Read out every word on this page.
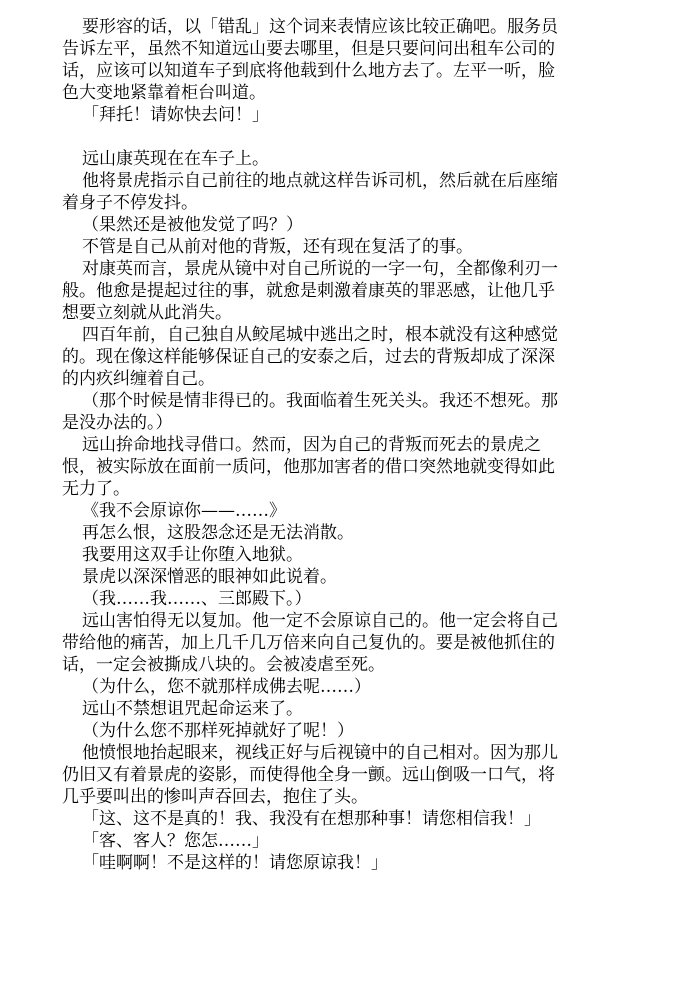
要形容的话，以「错乱」这个词来表情应该比较正确吧。服务员
告诉左平，虽然不知道远山要去哪里，但是只要问问出租车公司的
话，应该可以知道车子到底将他载到什么地方去了。左平一听，脸
色大变地紧靠着柜台叫道。
「拜托！请妳快去问！」
远山康英现在在车子上。
他将景虎指示自己前往的地点就这样告诉司机，然后就在后座缩
着身子不停发抖。
（果然还是被他发觉了吗？）
不管是自己从前对他的背叛，还有现在复活了的事。
对康英而言，景虎从镜中对自己所说的一字一句，全都像利刃一
般。他愈是提起过往的事，就愈是刺激着康英的罪恶感，让他几乎
想要立刻就从此消失。
四百年前，自己独自从鲛尾城中逃出之时，根本就没有这种感觉
的。现在像这样能够保证自己的安泰之后，过去的背叛却成了深深
的内疚纠缠着自己。
（那个时候是情非得已的。我面临着生死关头。我还不想死。那
是没办法的。）
远山拚命地找寻借口。然而，因为自己的背叛而死去的景虎之
恨，被实际放在面前一质问，他那加害者的借口突然地就变得如此
无力了。
《我不会原谅你——……》
再怎么恨，这股怨念还是无法消散。
我要用这双手让你堕入地狱。
景虎以深深憎恶的眼神如此说着。
（我……我……、三郎殿下。）
远山害怕得无以复加。他一定不会原谅自己的。他一定会将自己
带给他的痛苦，加上几千几万倍来向自己复仇的。要是被他抓住的
话，一定会被撕成八块的。会被凌虐至死。
（为什么，您不就那样成佛去呢……）
远山不禁想诅咒起命运来了。
（为什么您不那样死掉就好了呢！）
他愤恨地抬起眼来，视线正好与后视镜中的自己相对。因为那儿
仍旧又有着景虎的姿影，而使得他全身一颤。远山倒吸一口气，将
几乎要叫出的惨叫声吞回去，抱住了头。
「这、这不是真的！我、我没有在想那种事！请您相信我！」
「客、客人？您怎……」
「哇啊啊！不是这样的！请您原谅我！」
